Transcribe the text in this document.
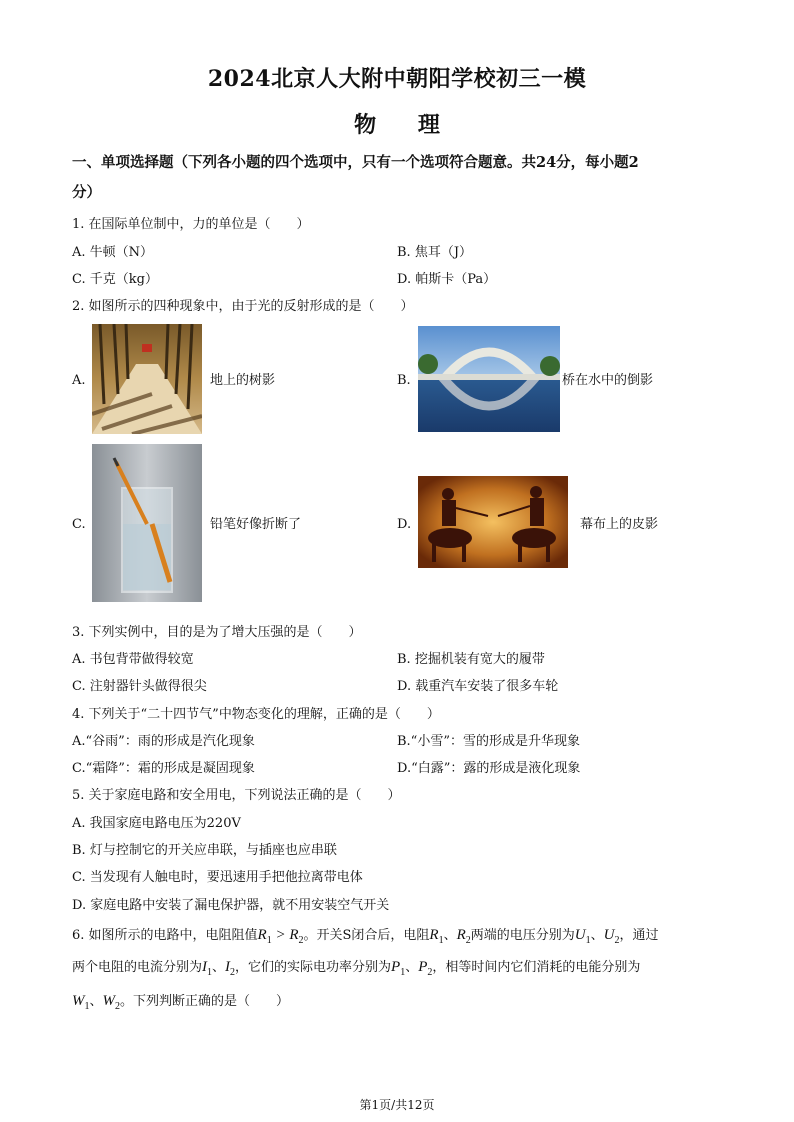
2024北京人大附中朝阳学校初三一模
物 理
一、单项选择题（下列各小题的四个选项中，只有一个选项符合题意。共24分，每小题2
分）
1. 在国际单位制中，力的单位是（　　）
A. 牛顿（N）	B. 焦耳（J）
C. 千克（kg）	D. 帕斯卡（Pa）
2. 如图所示的四种现象中，由于光的反射形成的是（　　）
A.	地上的树影	B.	桥在水中的倒影
C.	铅笔好像折断了	D.	幕布上的皮影
3. 下列实例中，目的是为了增大压强的是（　　）
A. 书包背带做得较宽	B. 挖掘机装有宽大的履带
C. 注射器针头做得很尖	D. 载重汽车安装了很多车轮
4. 下列关于“二十四节气”中物态变化的理解，正确的是（　　）
A.“谷雨”：雨的形成是汽化现象	B.“小雪”：雪的形成是升华现象
C.“霜降”：霜的形成是凝固现象	D.“白露”：露的形成是液化现象
5. 关于家庭电路和安全用电，下列说法正确的是（　　）
A. 我国家庭电路电压为220V
B. 灯与控制它的开关应串联，与插座也应串联
C. 当发现有人触电时，要迅速用手把他拉离带电体
D. 家庭电路中安装了漏电保护器，就不用安装空气开关
6. 如图所示的电路中，电阻阻值$R_1 > R_2$。开关S闭合后，电阻$R_1$、$R_2$两端的电压分别为$U_1$、$U_2$，通过
两个电阻的电流分别为$I_1$、$I_2$，它们的实际电功率分别为$P_1$、$P_2$，相等时间内它们消耗的电能分别为
$W_1$、$W_2$。下列判断正确的是（　　）
第1页/共12页
